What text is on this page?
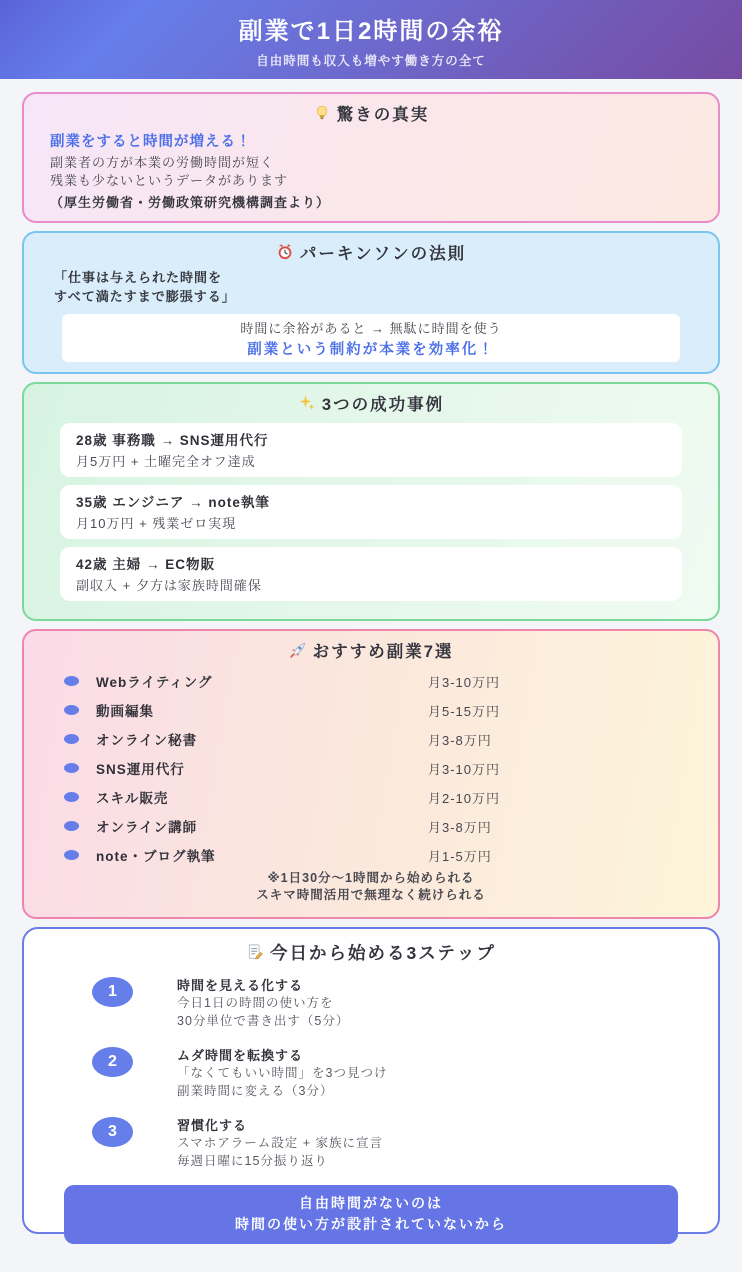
副業で1日2時間の余裕

自由時間も収入も増やす働き方の全て

驚きの真実
副業をすると時間が増える！
副業者の方が本業の労働時間が短く
残業も少ないというデータがあります
（厚生労働省・労働政策研究機構調査より）
パーキンソンの法則
「仕事は与えられた時間を
すべて満たすまで膨張する」
時間に余裕があると → 無駄に時間を使う
副業という制約が本業を効率化！
3つの成功事例
28歳 事務職 → SNS運用代行
月5万円 + 土曜完全オフ達成
35歳 エンジニア → note執筆
月10万円 + 残業ゼロ実現
42歳 主婦 → EC物販
副収入 + 夕方は家族時間確保
おすすめ副業7選
Webライティング	月3-10万円
動画編集	月5-15万円
オンライン秘書	月3-8万円
SNS運用代行	月3-10万円
スキル販売	月2-10万円
オンライン講師	月3-8万円
note・ブログ執筆	月1-5万円
※1日30分〜1時間から始められる
スキマ時間活用で無理なく続けられる
今日から始める3ステップ
1	時間を見える化する
今日1日の時間の使い方を
30分単位で書き出す（5分）
2	ムダ時間を転換する
「なくてもいい時間」を3つ見つけ
副業時間に変える（3分）
3	習慣化する
スマホアラーム設定 + 家族に宣言
毎週日曜に15分振り返り
自由時間がないのは
時間の使い方が設計されていないから
